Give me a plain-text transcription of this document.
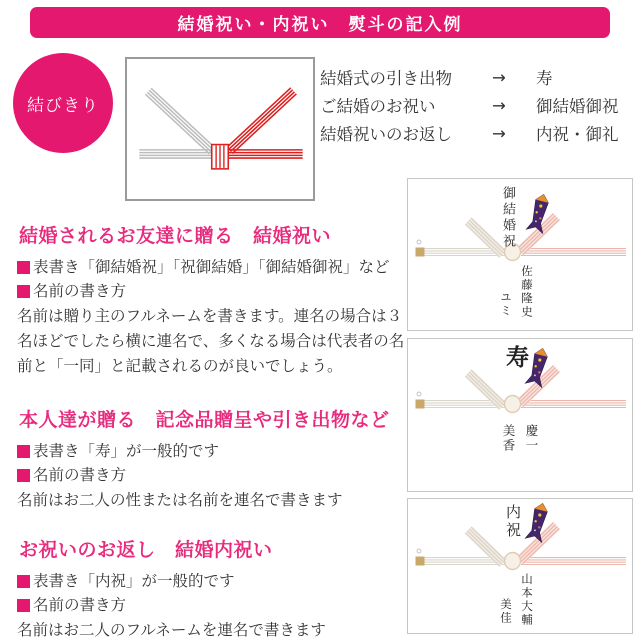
結婚祝い・内祝い　熨斗の記入例
結びきり
結婚式の引き出物	→	寿
ご結婚のお祝い	→	御結婚御祝
結婚祝いのお返し	→	内祝・御礼
結婚されるお友達に贈る　結婚祝い
表書き「御結婚祝」「祝御結婚」「御結婚御祝」など
名前の書き方

名前は贈り主のフルネームを書きます。連名の場合は３名ほどでしたら横に連名で、多くなる場合は代表者の名前と「一同」と記載されるのが良いでしょう。

本人達が贈る　記念品贈呈や引き出物など
表書き「寿」が一般的です
名前の書き方

名前はお二人の性または名前を連名で書きます

お祝いのお返し　結婚内祝い
表書き「内祝」が一般的です
名前の書き方

名前はお二人のフルネームを連名で書きます

御結婚祝
佐藤隆史
ユミ
寿
慶一
美香
内祝
山本大輔
美佳
